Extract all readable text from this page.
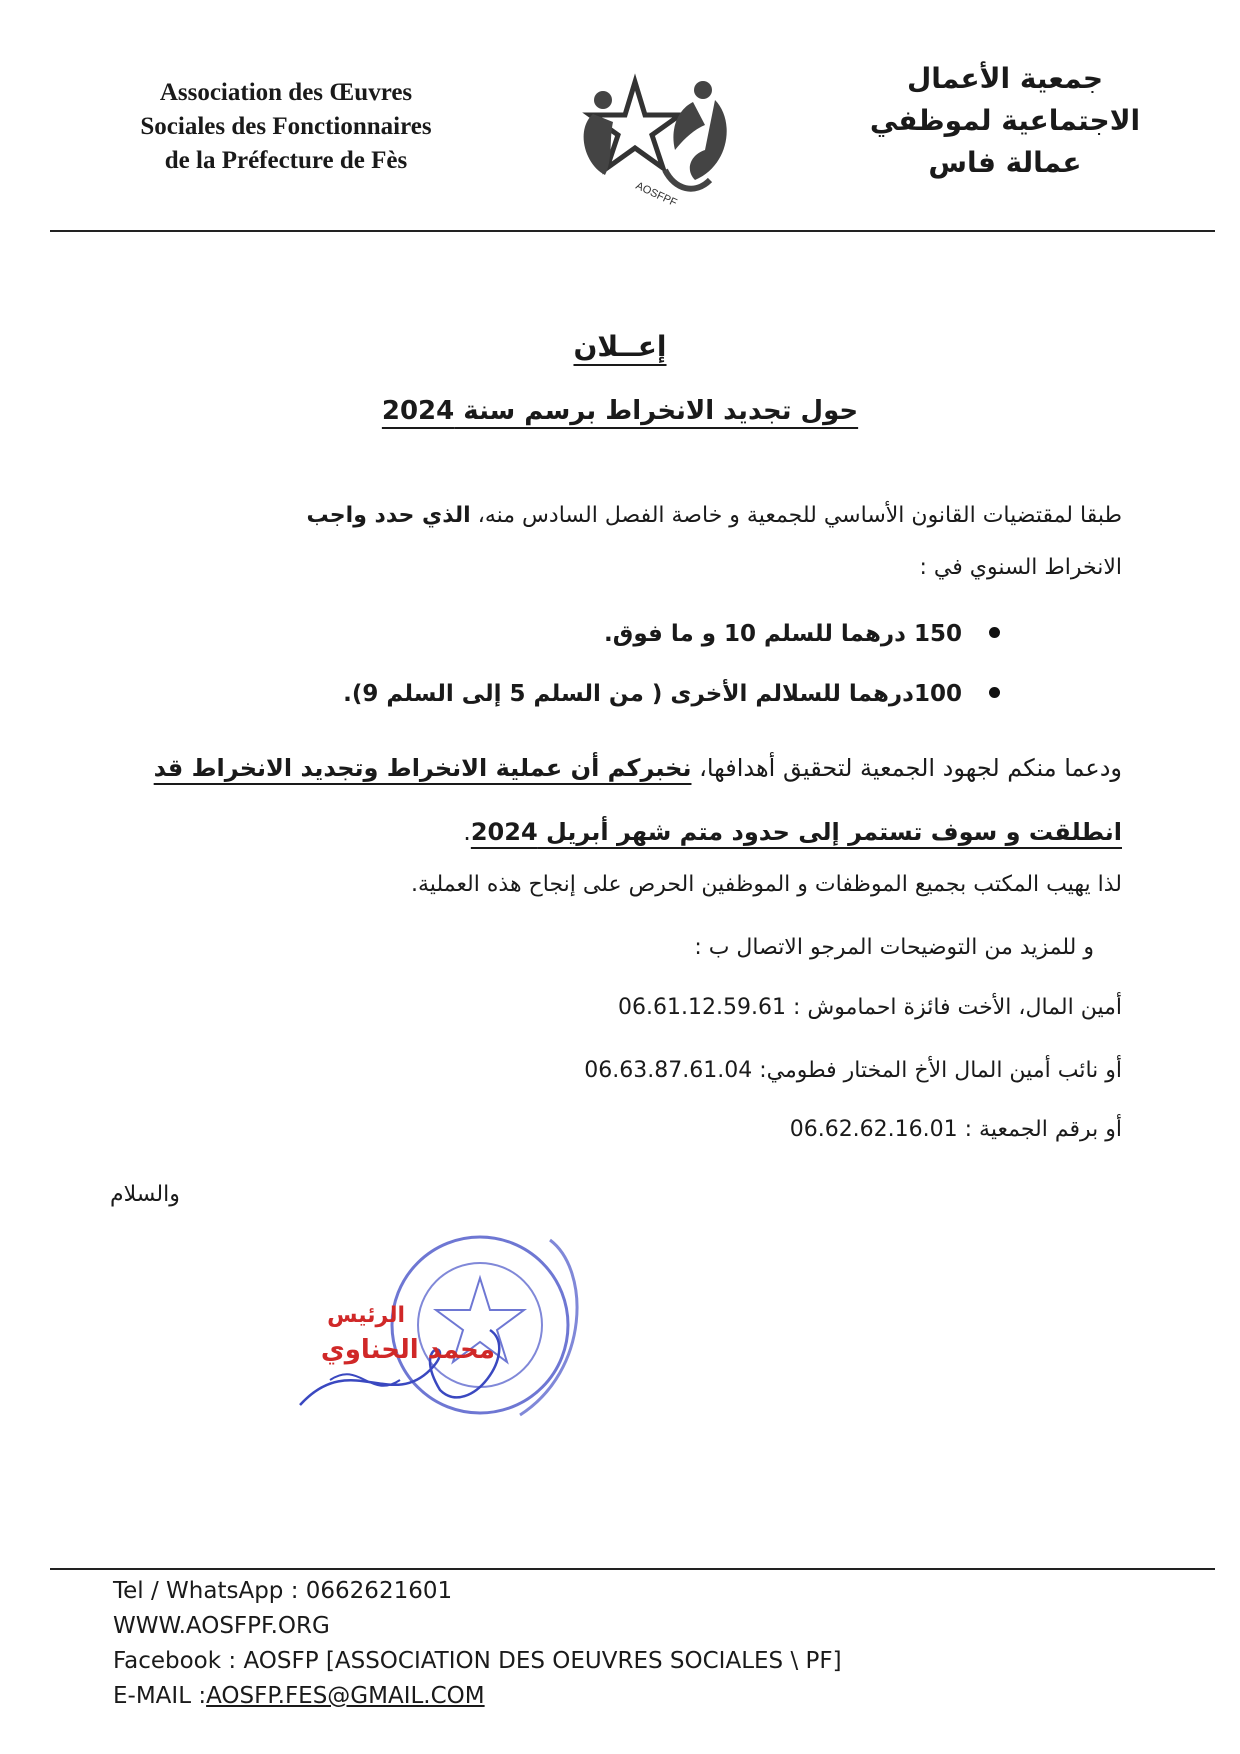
Association des Œuvres
Sociales des Fonctionnaires
de la Préfecture de Fès
AOSFPF
جمعية الأعمال
الاجتماعية لموظفي
عمالة فاس
إعــلان
حول تجديد الانخراط برسم سنة 2024
طبقا لمقتضيات القانون الأساسي للجمعية و خاصة الفصل السادس منه، الذي حدد واجب
الانخراط السنوي في :
150 درهما للسلم 10 و ما فوق.
100درهما للسلالم الأخرى ( من السلم 5 إلى السلم 9).
ودعما منكم لجهود الجمعية لتحقيق أهدافها، نخبركم أن عملية الانخراط وتجديد الانخراط قد انطلقت و سوف تستمر إلى حدود متم شهر أبريل 2024.
لذا يهيب المكتب بجميع الموظفات و الموظفين الحرص على إنجاح هذه العملية.
و للمزيد من التوضيحات المرجو الاتصال ب :
أمين المال، الأخت فائزة احماموش : 06.61.12.59.61
أو نائب أمين المال الأخ المختار فطومي: 06.63.87.61.04
أو برقم الجمعية : 06.62.62.16.01
والسلام
الرئيس
محمد الحناوي
Tel / WhatsApp : 0662621601
WWW.AOSFPF.ORG
Facebook : AOSFP [ASSOCIATION DES OEUVRES SOCIALES \ PF]
E-MAIL :AOSFP.FES@GMAIL.COM
